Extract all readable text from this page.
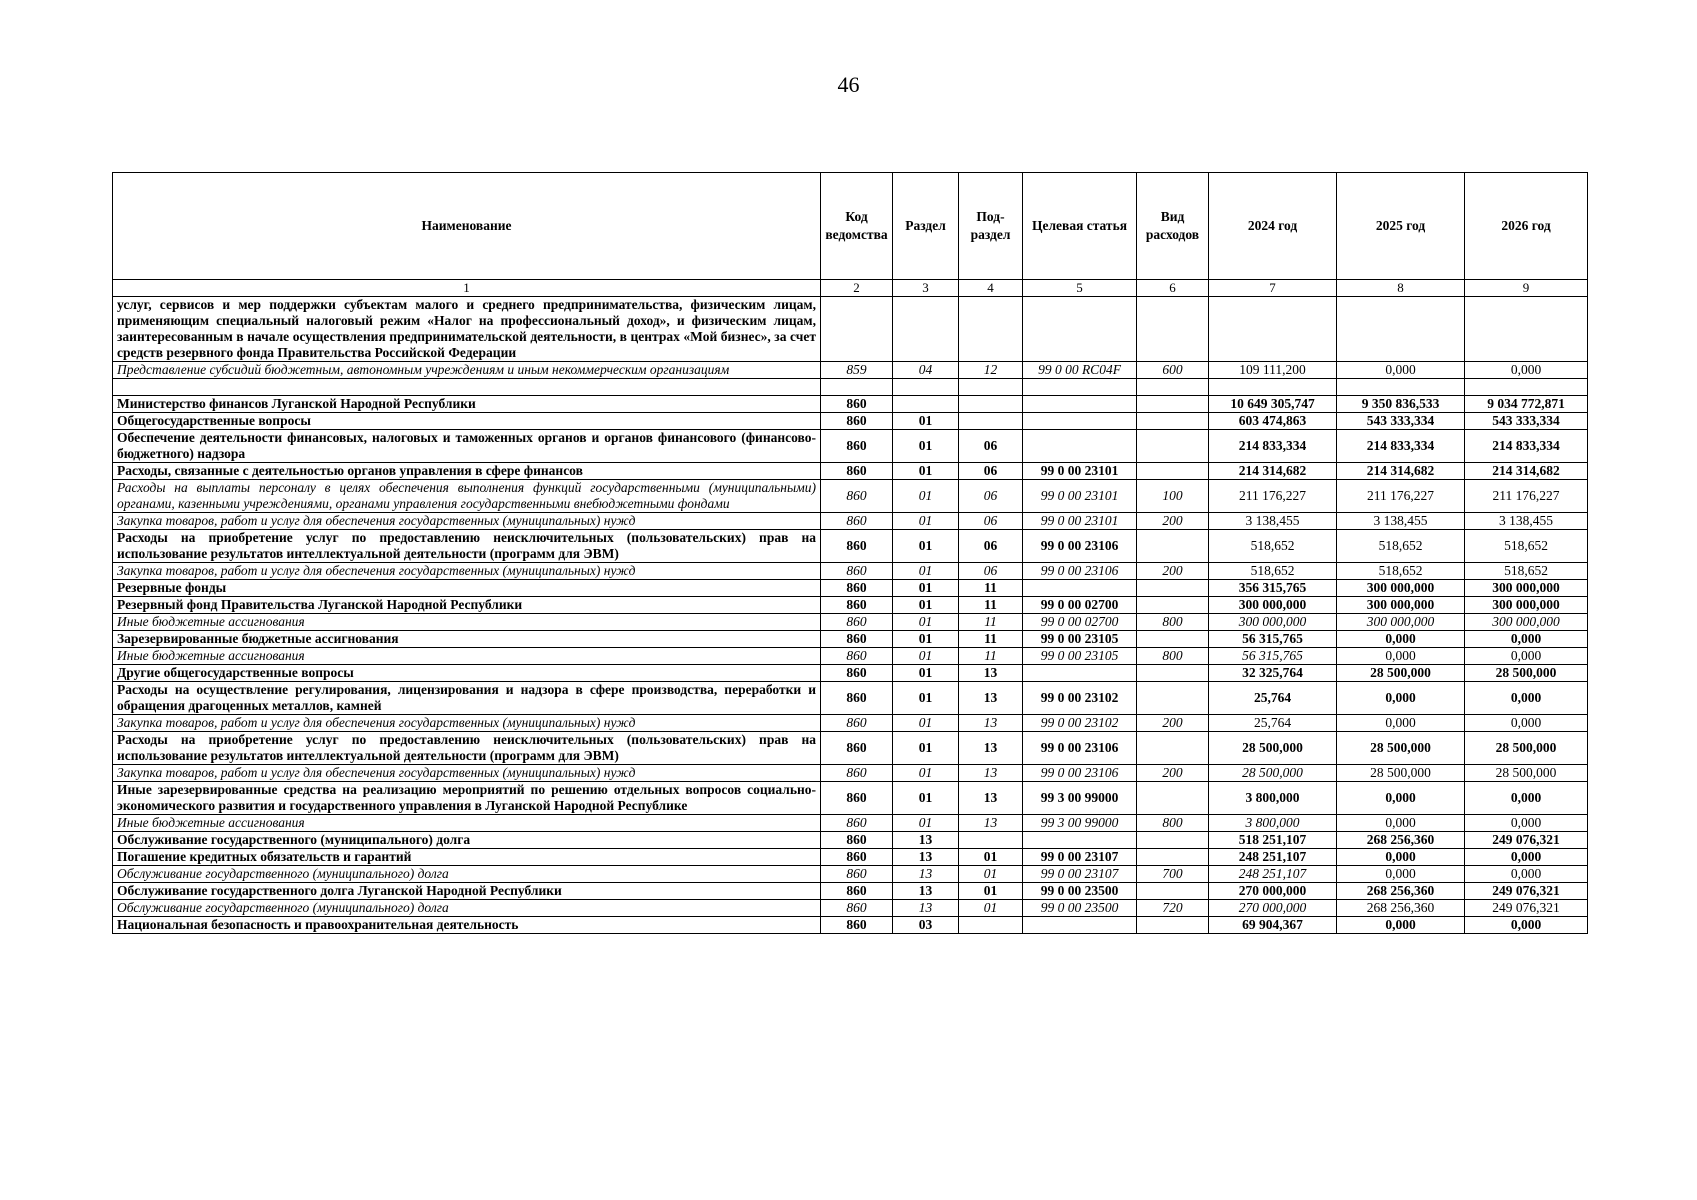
46
Наименование	Код ведомства	Раздел	Под-раздел	Целевая статья	Вид расходов	2024 год	2025 год	2026 год
1	2	3	4	5	6	7	8	9
услуг, сервисов и мер поддержки субъектам малого и среднего предпринимательства, физическим лицам, применяющим специальный налоговый режим «Налог на профессиональный доход», и физическим лицам, заинтересованным в начале осуществления предпринимательской деятельности, в центрах «Мой бизнес», за счет средств резервного фонда Правительства Российской Федерации								
Представление субсидий бюджетным, автономным учреждениям и иным некоммерческим организациям	859	04	12	99 0 00 RC04F	600	109 111,200	0,000	0,000

Министерство финансов Луганской Народной Республики	860					10 649 305,747	9 350 836,533	9 034 772,871
Общегосударственные вопросы	860	01				603 474,863	543 333,334	543 333,334
Обеспечение деятельности финансовых, налоговых и таможенных органов и органов финансового (финансово-бюджетного) надзора	860	01	06			214 833,334	214 833,334	214 833,334
Расходы, связанные с деятельностью органов управления в сфере финансов	860	01	06	99 0 00 23101		214 314,682	214 314,682	214 314,682
Расходы на выплаты персоналу в целях обеспечения выполнения функций государственными (муниципальными) органами, казенными учреждениями, органами управления государственными внебюджетными фондами	860	01	06	99 0 00 23101	100	211 176,227	211 176,227	211 176,227
Закупка товаров, работ и услуг для обеспечения государственных (муниципальных) нужд	860	01	06	99 0 00 23101	200	3 138,455	3 138,455	3 138,455
Расходы на приобретение услуг по предоставлению неисключительных (пользовательских) прав на использование результатов интеллектуальной деятельности (программ для ЭВМ)	860	01	06	99 0 00 23106		518,652	518,652	518,652
Закупка товаров, работ и услуг для обеспечения государственных (муниципальных) нужд	860	01	06	99 0 00 23106	200	518,652	518,652	518,652
Резервные фонды	860	01	11			356 315,765	300 000,000	300 000,000
Резервный фонд Правительства Луганской Народной Республики	860	01	11	99 0 00 02700		300 000,000	300 000,000	300 000,000
Иные бюджетные ассигнования	860	01	11	99 0 00 02700	800	300 000,000	300 000,000	300 000,000
Зарезервированные бюджетные ассигнования	860	01	11	99 0 00 23105		56 315,765	0,000	0,000
Иные бюджетные ассигнования	860	01	11	99 0 00 23105	800	56 315,765	0,000	0,000
Другие общегосударственные вопросы	860	01	13			32 325,764	28 500,000	28 500,000
Расходы на осуществление регулирования, лицензирования и надзора в сфере производства, переработки и обращения драгоценных металлов, камней	860	01	13	99 0 00 23102		25,764	0,000	0,000
Закупка товаров, работ и услуг для обеспечения государственных (муниципальных) нужд	860	01	13	99 0 00 23102	200	25,764	0,000	0,000
Расходы на приобретение услуг по предоставлению неисключительных (пользовательских) прав на использование результатов интеллектуальной деятельности (программ для ЭВМ)	860	01	13	99 0 00 23106		28 500,000	28 500,000	28 500,000
Закупка товаров, работ и услуг для обеспечения государственных (муниципальных) нужд	860	01	13	99 0 00 23106	200	28 500,000	28 500,000	28 500,000
Иные зарезервированные средства на реализацию мероприятий по решению отдельных вопросов социально-экономического развития и государственного управления в Луганской Народной Республике	860	01	13	99 3 00 99000		3 800,000	0,000	0,000
Иные бюджетные ассигнования	860	01	13	99 3 00 99000	800	3 800,000	0,000	0,000
Обслуживание государственного (муниципального) долга	860	13				518 251,107	268 256,360	249 076,321
Погашение кредитных обязательств и гарантий	860	13	01	99 0 00 23107		248 251,107	0,000	0,000
Обслуживание государственного (муниципального) долга	860	13	01	99 0 00 23107	700	248 251,107	0,000	0,000
Обслуживание государственного долга Луганской Народной Республики	860	13	01	99 0 00 23500		270 000,000	268 256,360	249 076,321
Обслуживание государственного (муниципального) долга	860	13	01	99 0 00 23500	720	270 000,000	268 256,360	249 076,321
Национальная безопасность и правоохранительная деятельность	860	03				69 904,367	0,000	0,000
